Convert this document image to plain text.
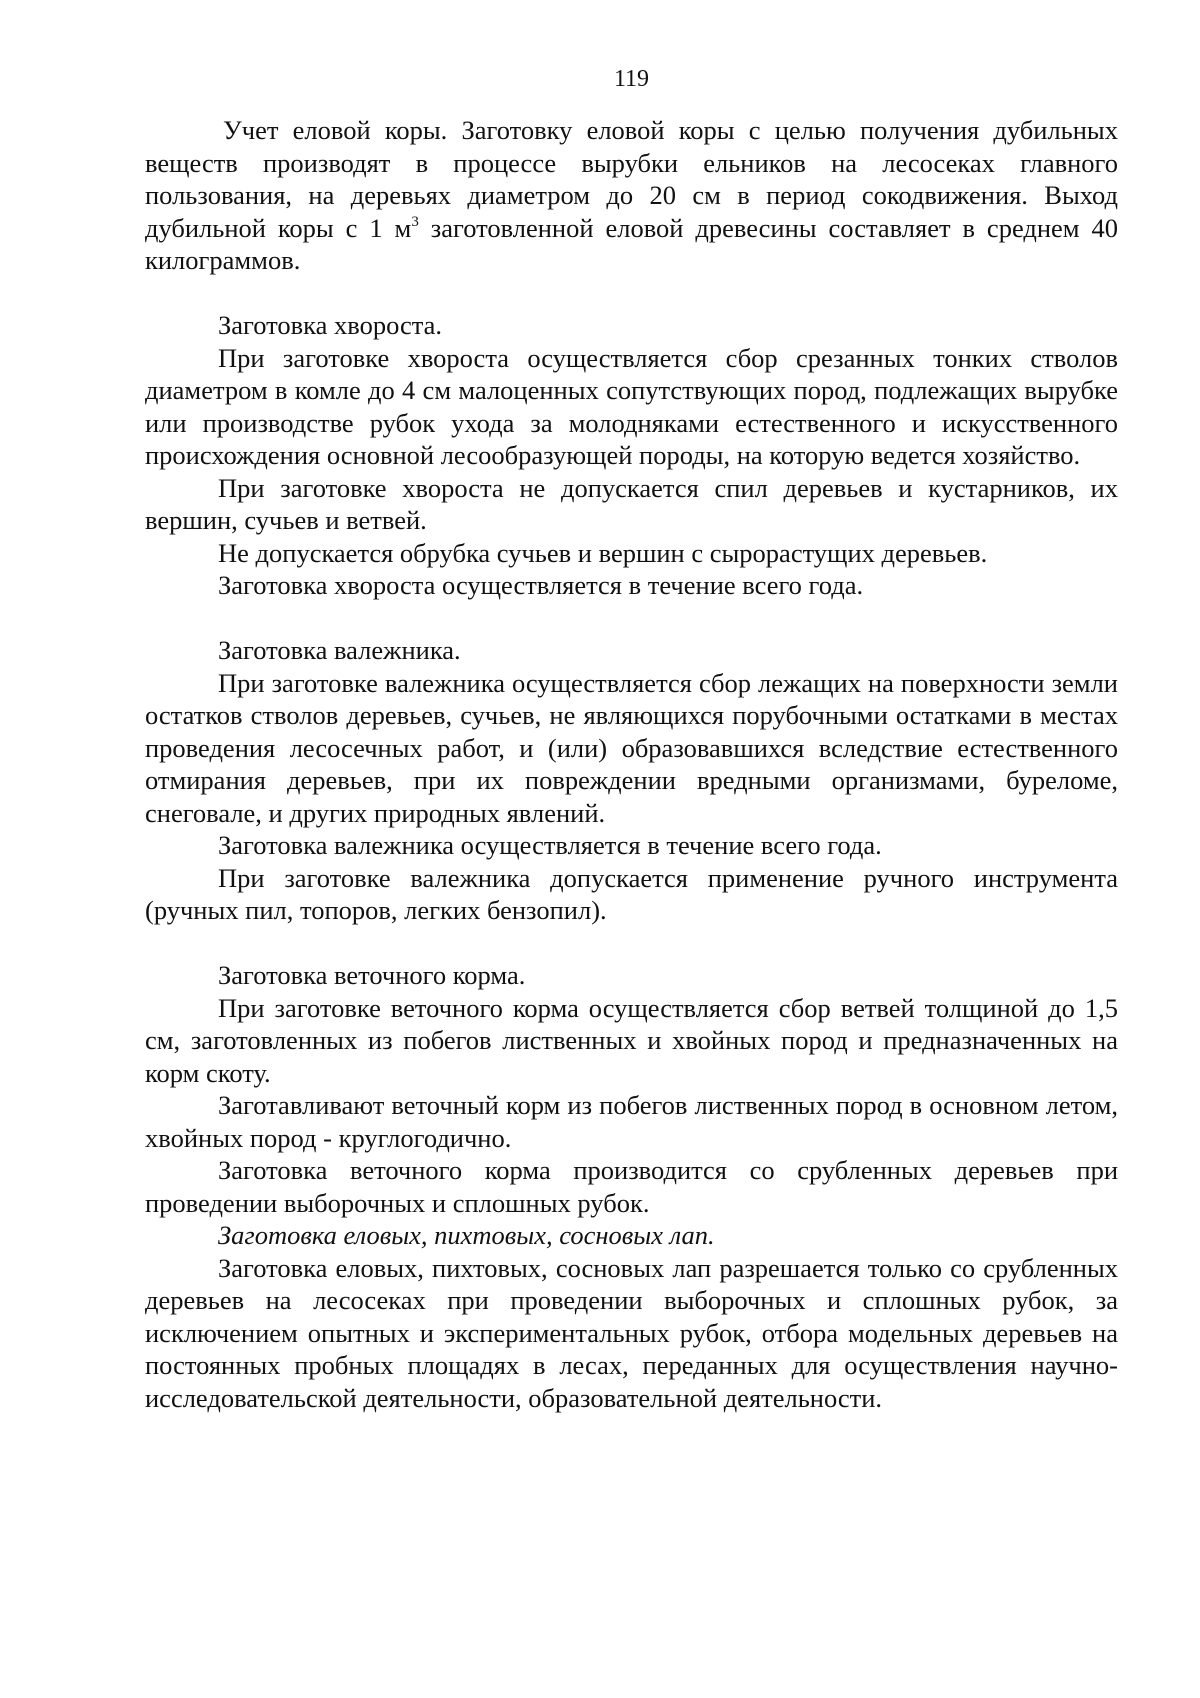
119

Учет еловой коры. Заготовку еловой коры с целью получения дубильных веществ производят в процессе вырубки ельников на лесосеках главного пользования, на деревьях диаметром до 20 см в период сокодвижения. Выход дубильной коры с 1 $м^3$ заготовленной еловой древесины составляет в среднем 40 килограммов.

Заготовка хвороста.

При заготовке хвороста осуществляется сбор срезанных тонких стволов диаметром в комле до 4 см малоценных сопутствующих пород, подлежащих вырубке или производстве рубок ухода за молодняками естественного и искусственного происхождения основной лесообразующей породы, на которую ведется хозяйство.

При заготовке хвороста не допускается спил деревьев и кустарников, их вершин, сучьев и ветвей.

Не допускается обрубка сучьев и вершин с сырорастущих деревьев.

Заготовка хвороста осуществляется в течение всего года.

Заготовка валежника.

При заготовке валежника осуществляется сбор лежащих на поверхности земли остатков стволов деревьев, сучьев, не являющихся порубочными остатками в местах проведения лесосечных работ, и (или) образовавшихся вследствие естественного отмирания деревьев, при их повреждении вредными организмами, буреломе, снеговале, и других природных явлений.

Заготовка валежника осуществляется в течение всего года.

При заготовке валежника допускается применение ручного инструмента (ручных пил, топоров, легких бензопил).

Заготовка веточного корма.

При заготовке веточного корма осуществляется сбор ветвей толщиной до 1,5 см, заготовленных из побегов лиственных и хвойных пород и предназначенных на корм скоту.

Заготавливают веточный корм из побегов лиственных пород в основном летом, хвойных пород - круглогодично.

Заготовка веточного корма производится со срубленных деревьев при проведении выборочных и сплошных рубок.

Заготовка еловых, пихтовых, сосновых лап.

Заготовка еловых, пихтовых, сосновых лап разрешается только со срубленных деревьев на лесосеках при проведении выборочных и сплошных рубок, за исключением опытных и экспериментальных рубок, отбора модельных деревьев на постоянных пробных площадях в лесах, переданных для осуществления научно-исследовательской деятельности, образовательной деятельности.
